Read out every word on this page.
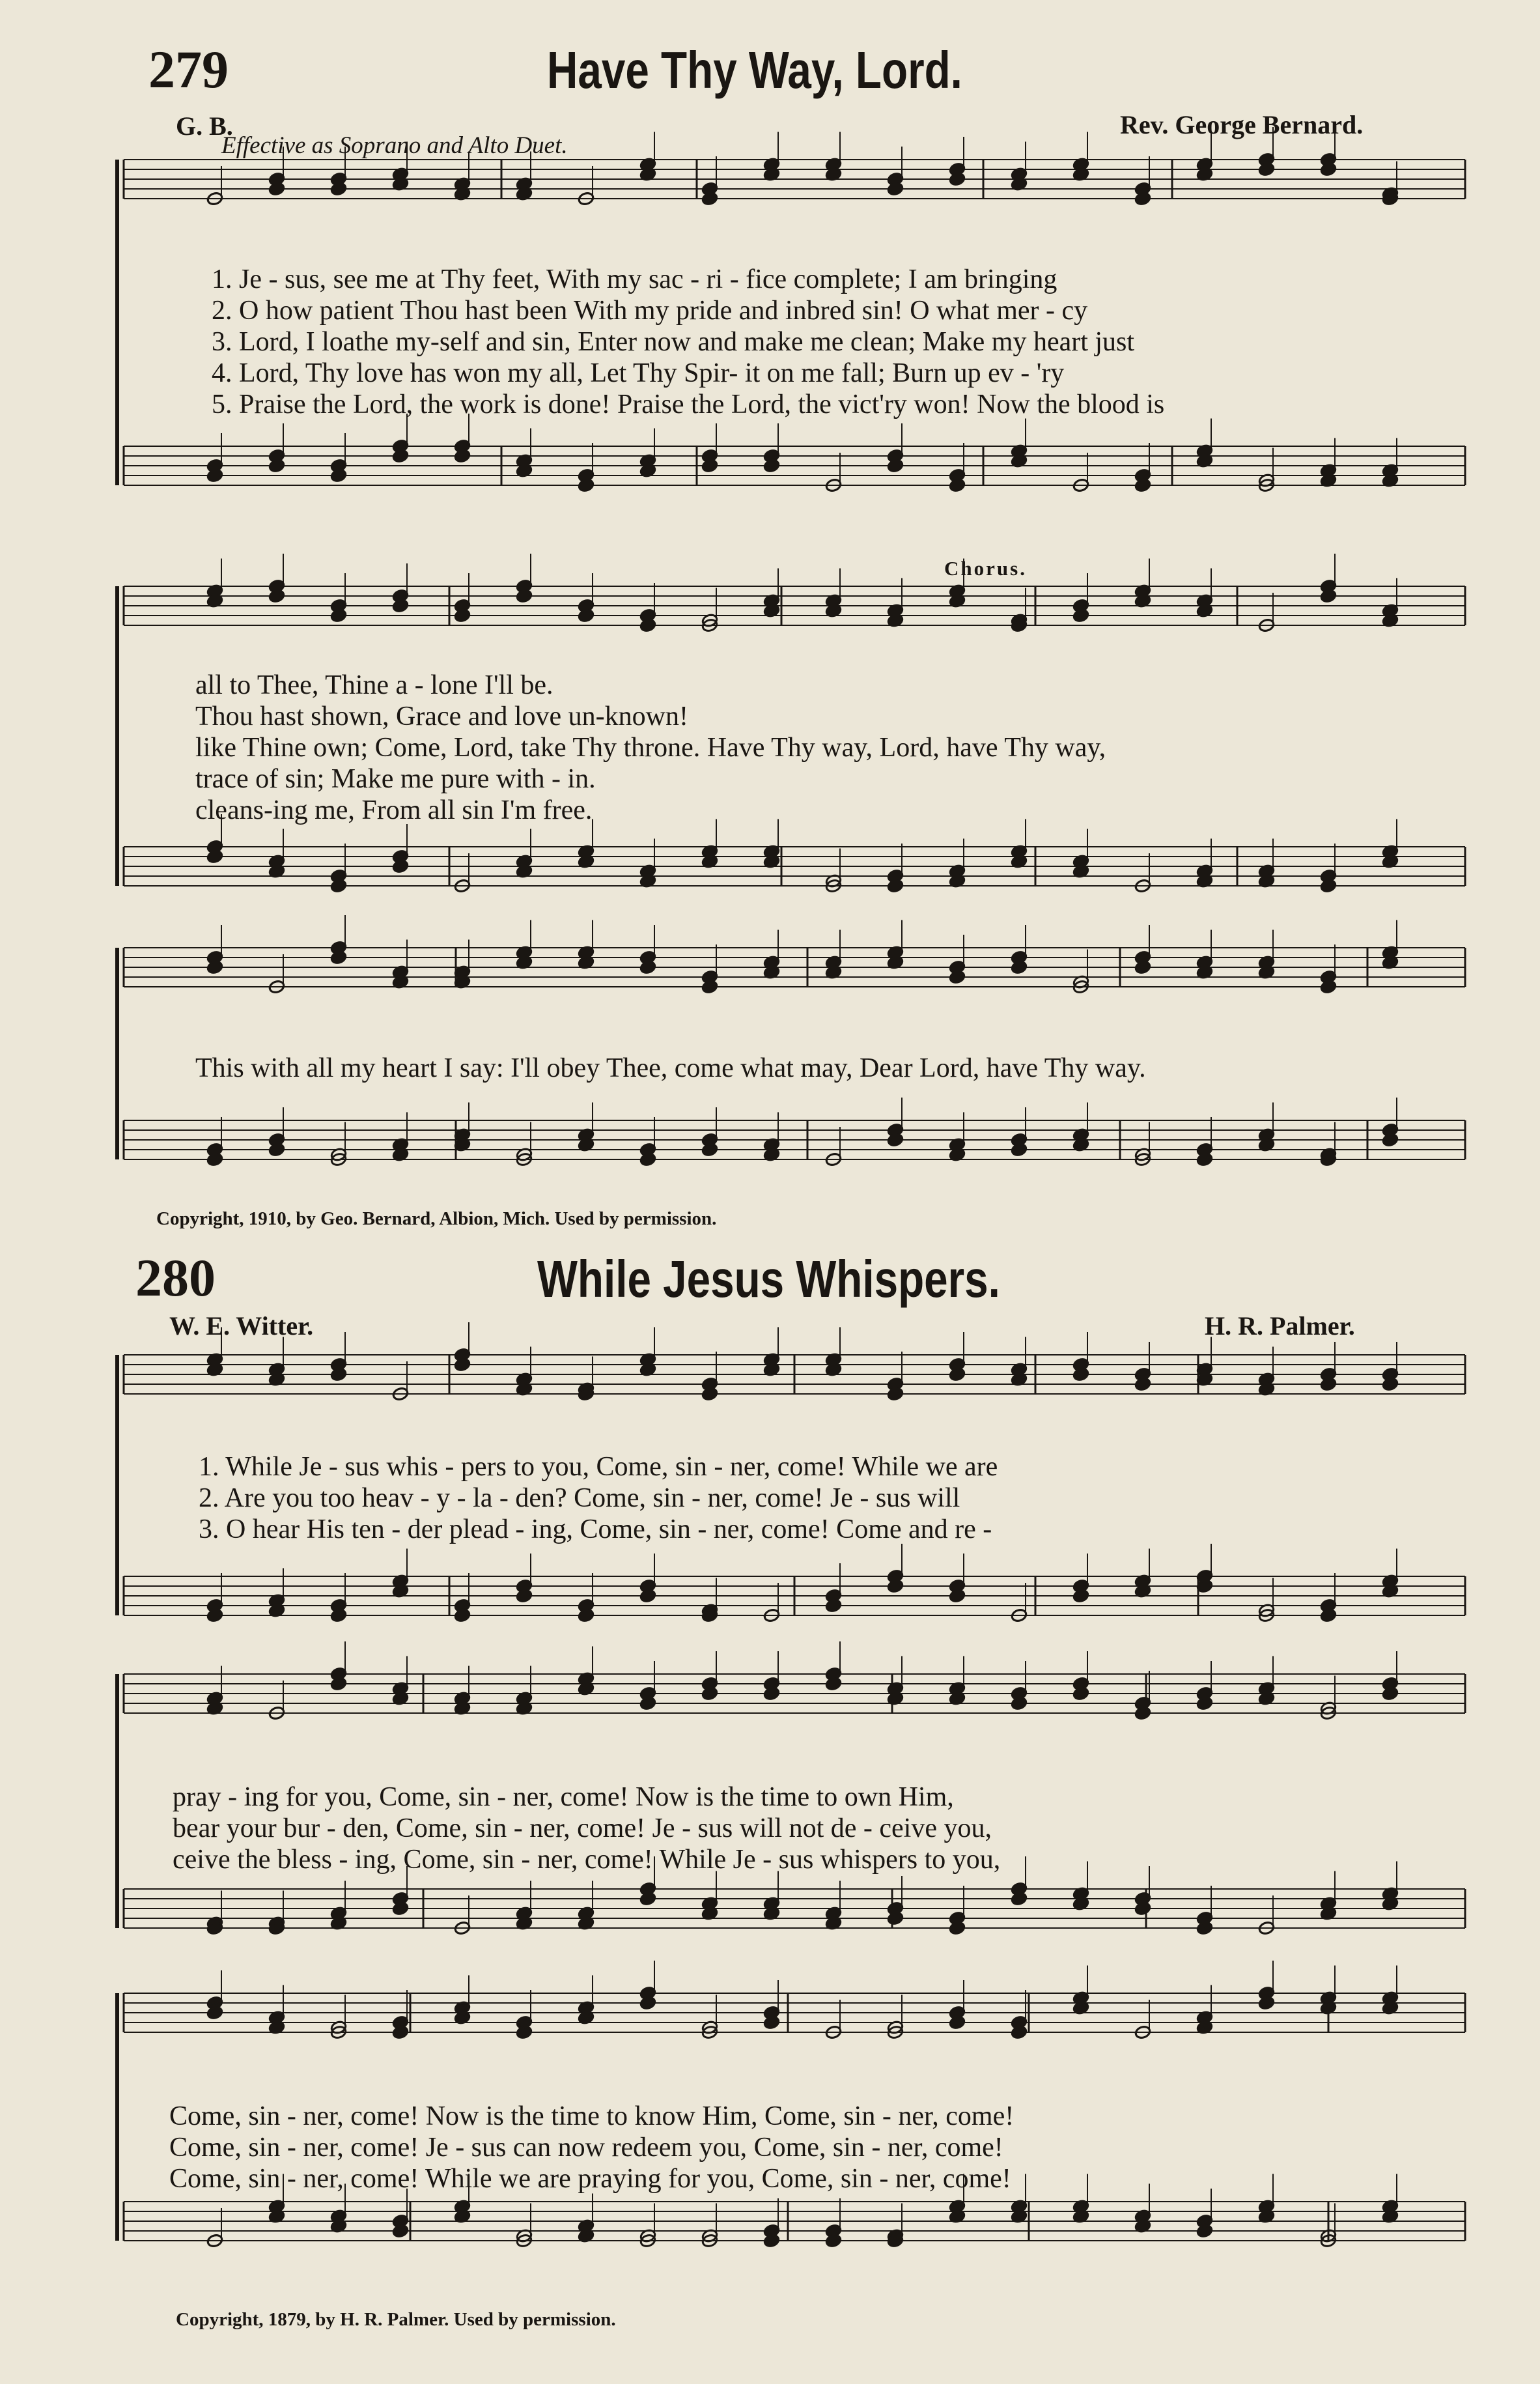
279	Have Thy Way, Lord.
G. B.	Rev. George Bernard.
Effective as Soprano and Alto Duet.
1. Je - sus, see me at Thy feet, With my sac - ri - fice complete; I am bringing
2. O how patient Thou hast been With my pride and inbred sin! O what mer - cy
3. Lord, I loathe my-self and sin, Enter now and make me clean; Make my heart just
4. Lord, Thy love has won my all, Let Thy Spir- it on me fall; Burn up ev - 'ry
5. Praise the Lord, the work is done! Praise the Lord, the vict'ry won! Now the blood is
Chorus.
all to Thee, Thine a - lone I'll be.
Thou hast shown, Grace and love un-known!
like Thine own; Come, Lord, take Thy throne. Have Thy way, Lord, have Thy way,
trace of sin; Make me pure with - in.
cleans-ing me, From all sin I'm free.
This with all my heart I say: I'll obey Thee, come what may, Dear Lord, have Thy way.
Copyright, 1910, by Geo. Bernard, Albion, Mich. Used by permission.
280	While Jesus Whispers.
W. E. Witter.	H. R. Palmer.
1. While Je - sus whis - pers to you, Come, sin - ner, come! While we are
2. Are you too heav - y - la - den? Come, sin - ner, come! Je - sus will
3. O hear His ten - der plead - ing, Come, sin - ner, come! Come and re -
pray - ing for you, Come, sin - ner, come! Now is the time to own Him,
bear your bur - den, Come, sin - ner, come! Je - sus will not de - ceive you,
ceive the bless - ing, Come, sin - ner, come! While Je - sus whispers to you,
Come, sin - ner, come! Now is the time to know Him, Come, sin - ner, come!
Come, sin - ner, come! Je - sus can now redeem you, Come, sin - ner, come!
Come, sin - ner, come! While we are praying for you, Come, sin - ner, come!
Copyright, 1879, by H. R. Palmer. Used by permission.
